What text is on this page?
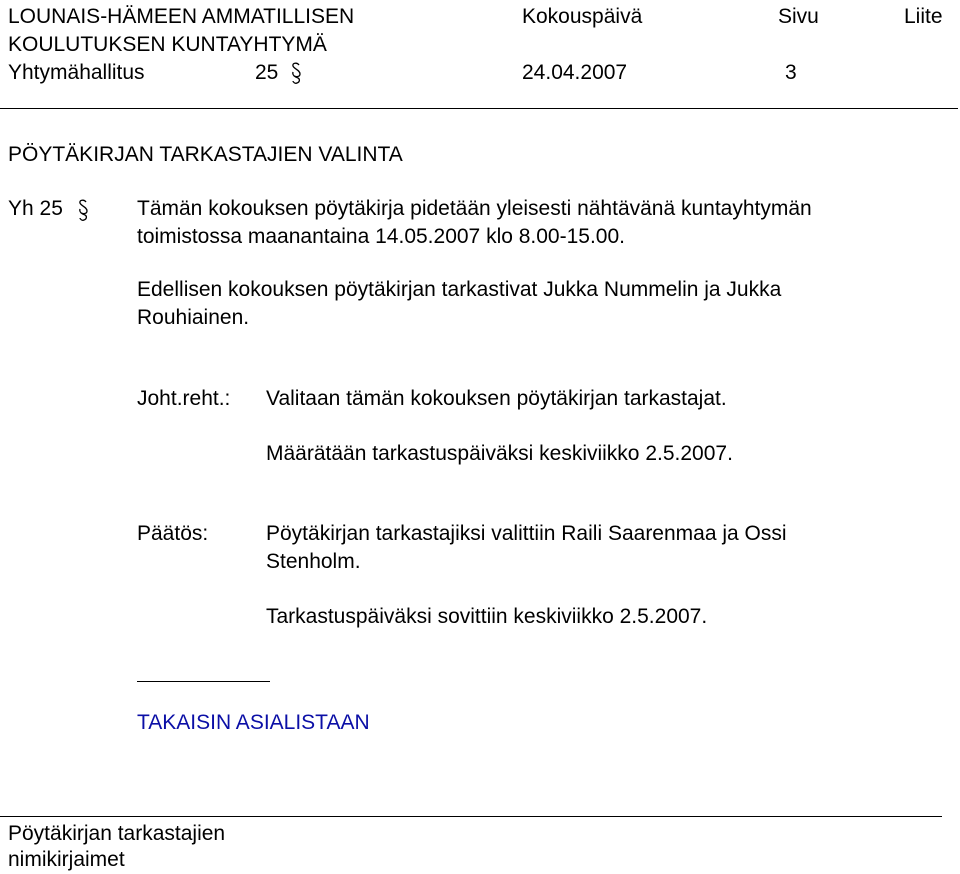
LOUNAIS-HÄMEEN AMMATILLISEN
KOULUTUKSEN KUNTAYHTYMÄ
Yhtymähallitus	25
Kokouspäivä
24.04.2007
Sivu
3
Liite
PÖYTÄKIRJAN TARKASTAJIEN VALINTA
Yh 25	Tämän kokouksen pöytäkirja pidetään yleisesti nähtävänä kuntayhtymän
toimistossa maanantaina 14.05.2007 klo 8.00-15.00.
Edellisen kokouksen pöytäkirjan tarkastivat Jukka Nummelin ja Jukka
Rouhiainen.
Joht.reht.: Valitaan tämän kokouksen pöytäkirjan tarkastajat.
Määrätään tarkastuspäiväksi keskiviikko 2.5.2007.
Päätös:	Pöytäkirjan tarkastajiksi valittiin Raili Saarenmaa ja Ossi
Stenholm.
Tarkastuspäiväksi sovittiin keskiviikko 2.5.2007.
TAKAISIN ASIALISTAAN
Pöytäkirjan tarkastajien
nimikirjaimet
